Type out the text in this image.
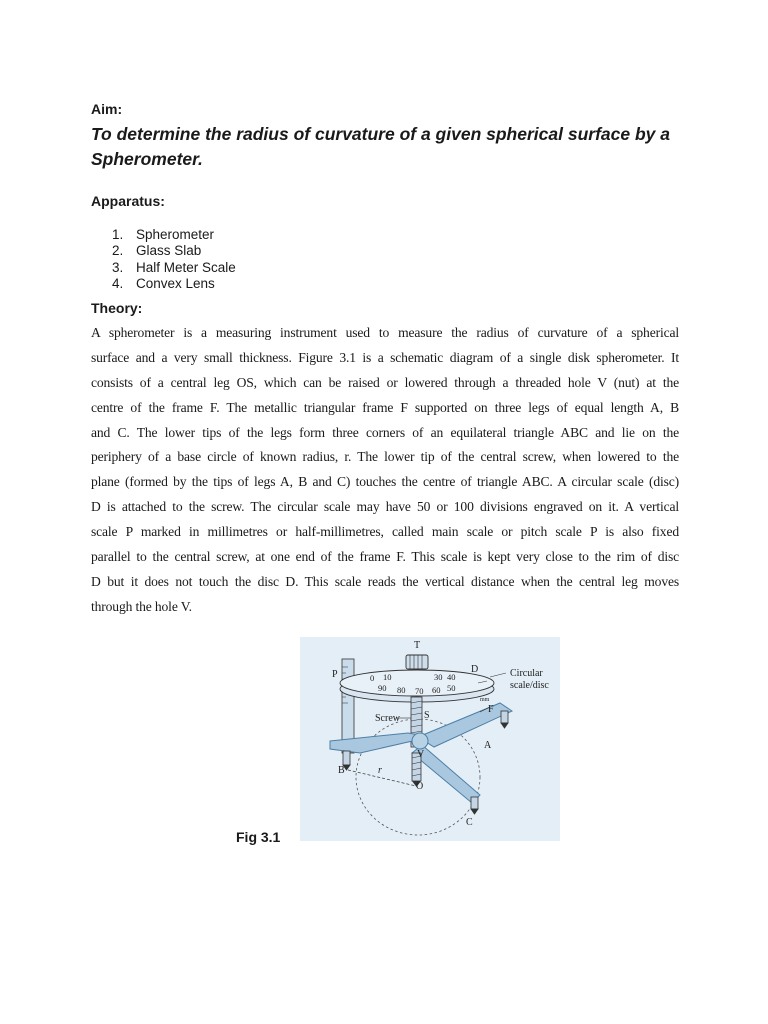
Aim:
To determine the radius of curvature of a given spherical surface by a Spherometer.
Apparatus:
1. Spherometer
2. Glass Slab
3. Half Meter Scale
4. Convex Lens
Theory:
A spherometer is a measuring instrument used to measure the radius of curvature of a spherical
surface and a very small thickness. Figure 3.1 is a schematic diagram of a single disk spherometer. It
consists of a central leg OS, which can be raised or lowered through a threaded hole V (nut) at the
centre of the frame F. The metallic triangular frame F supported on three legs of equal length A, B
and C. The lower tips of the legs form three corners of an equilateral triangle ABC and lie on the
periphery of a base circle of known radius, r. The lower tip of the central screw, when lowered to the
plane (formed by the tips of legs A, B and C) touches the centre of triangle ABC. A circular scale (disc)
D is attached to the screw. The circular scale may have 50 or 100 divisions engraved on it. A vertical
scale P marked in millimetres or half-millimetres, called main scale or pitch scale P is also fixed
parallel to the central screw, at one end of the frame F. This scale is kept very close to the rim of disc
D but it does not touch the disc D. This scale reads the vertical distance when the central leg moves
through the hole V.
0 10	30 40
90 80 70 60 50
T
D
P
S
F
A
V
B	r
O
C
Screw
Circular
scale/disc
mm
Fig 3.1
